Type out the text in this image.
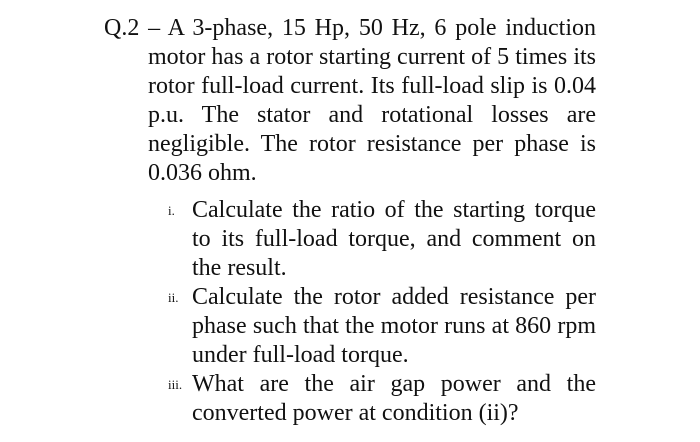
Q.2 – A 3-phase, 15 Hp, 50 Hz, 6 pole induction motor has a rotor starting current of 5 times its rotor full-load current. Its full-load slip is 0.04 p.u. The stator and rotational losses are negligible. The rotor resistance per phase is 0.036 ohm.
i. Calculate the ratio of the starting torque to its full-load torque, and comment on the result.
ii. Calculate the rotor added resistance per phase such that the motor runs at 860 rpm under full-load torque.
iii. What are the air gap power and the converted power at condition (ii)?
